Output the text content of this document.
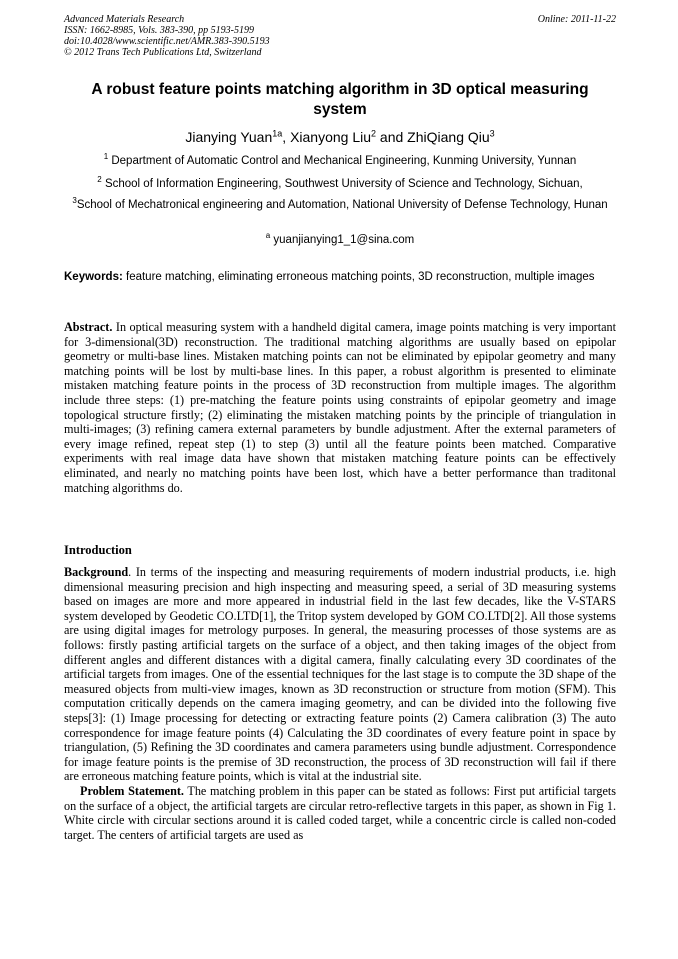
Advanced Materials Research
ISSN: 1662-8985, Vols. 383-390, pp 5193-5199
doi:10.4028/www.scientific.net/AMR.383-390.5193
© 2012 Trans Tech Publications Ltd, Switzerland
Online: 2011-11-22
A robust feature points matching algorithm in 3D optical measuring system
Jianying Yuan$^{1a}$, Xianyong Liu$^2$ and ZhiQiang Qiu$^3$
$^1$ Department of Automatic Control and Mechanical Engineering, Kunming University, Yunnan
$^2$ School of Information Engineering, Southwest University of Science and Technology, Sichuan,
$^3$School of Mechatronical engineering and Automation, National University of Defense Technology, Hunan
$^a$ yuanjianying1_1@sina.com
Keywords: feature matching, eliminating erroneous matching points, 3D reconstruction, multiple images
Abstract. In optical measuring system with a handheld digital camera, image points matching is very important for 3-dimensional(3D) reconstruction. The traditional matching algorithms are usually based on epipolar geometry or multi-base lines. Mistaken matching points can not be eliminated by epipolar geometry and many matching points will be lost by multi-base lines. In this paper, a robust algorithm is presented to eliminate mistaken matching feature points in the process of 3D reconstruction from multiple images. The algorithm include three steps: (1) pre-matching the feature points using constraints of epipolar geometry and image topological structure firstly; (2) eliminating the mistaken matching points by the principle of triangulation in multi-images; (3) refining camera external parameters by bundle adjustment. After the external parameters of every image refined, repeat step (1) to step (3) until all the feature points been matched. Comparative experiments with real image data have shown that mistaken matching feature points can be effectively eliminated, and nearly no matching points have been lost, which have a better performance than traditonal matching algorithms do.
Introduction

Background. In terms of the inspecting and measuring requirements of modern industrial products, i.e. high dimensional measuring precision and high inspecting and measuring speed, a serial of 3D measuring systems based on images are more and more appeared in industrial field in the last few decades, like the V-STARS system developed by Geodetic CO.LTD[1], the Tritop system developed by GOM CO.LTD[2]. All those systems are using digital images for metrology purposes. In general, the measuring processes of those systems are as follows: firstly pasting artificial targets on the surface of a object, and then taking images of the object from different angles and different distances with a digital camera, finally calculating every 3D coordinates of the artificial targets from images. One of the essential techniques for the last stage is to compute the 3D shape of the measured objects from multi-view images, known as 3D reconstruction or structure from motion (SFM). This computation critically depends on the camera imaging geometry, and can be divided into the following five steps[3]: (1) Image processing for detecting or extracting feature points (2) Camera calibration (3) The auto correspondence for image feature points (4) Calculating the 3D coordinates of every feature point in space by triangulation, (5) Refining the 3D coordinates and camera parameters using bundle adjustment. Correspondence for image feature points is the premise of 3D reconstruction, the process of 3D reconstruction will fail if there are erroneous matching feature points, which is vital at the industrial site.

Problem Statement. The matching problem in this paper can be stated as follows: First put artificial targets on the surface of a object, the artificial targets are circular retro-reflective targets in this paper, as shown in Fig 1. White circle with circular sections around it is called coded target, while a concentric circle is called non-coded target. The centers of artificial targets are used as
